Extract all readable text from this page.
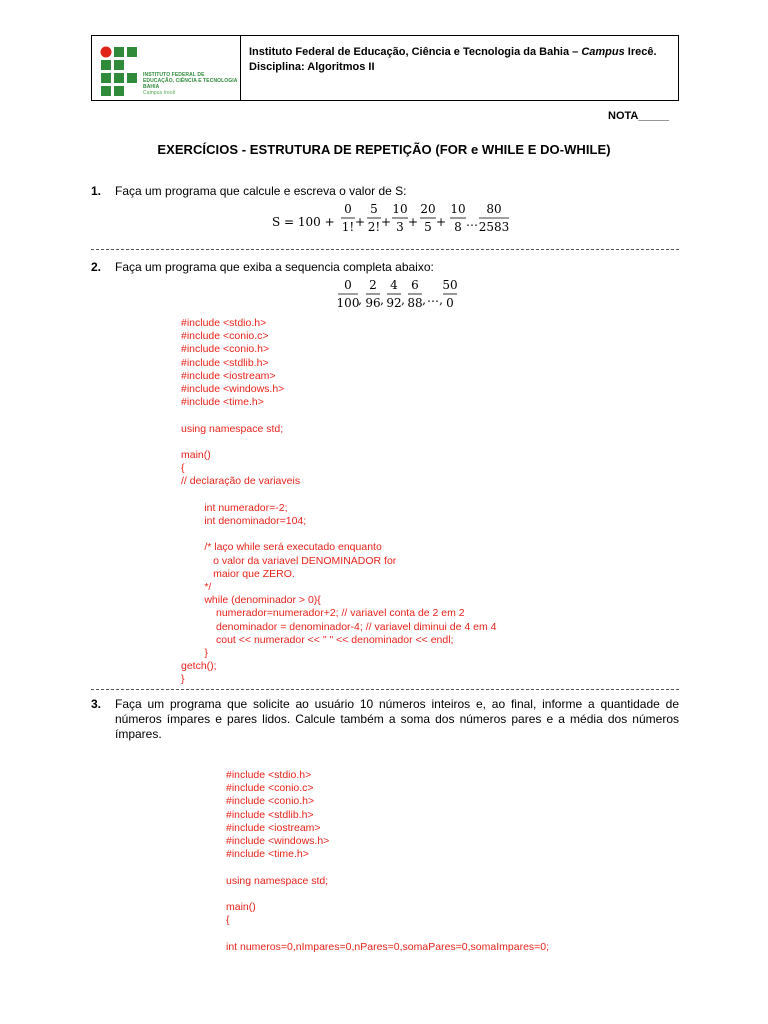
INSTITUTO FEDERAL DE
EDUCAÇÃO, CIÊNCIA E TECNOLOGIA
BAHIA
Campus Irecê
Instituto Federal de Educação, Ciência e Tecnologia da Bahia – Campus Irecê.
Disciplina: Algoritmos II
NOTA_____
EXERCÍCIOS - ESTRUTURA DE REPETIÇÃO (FOR e WHILE E DO-WHILE)
1. Faça um programa que calcule e escreva o valor de S:
S = 100 +
0
1! +
5
2! +
10
3 +
20
5 +
10
8
80
2583
…
2. Faça um programa que exiba a sequencia completa abaixo:
0
100
,
2
96 ,
4
92 ,
6
88 ,
50
0
… ,
#include <stdio.h>
#include <conio.c>
#include <conio.h>
#include <stdlib.h>
#include <iostream>
#include <windows.h>
#include <time.h>

using namespace std;

main()
{
// declaração de variaveis

int numerador=-2;
int denominador=104;

/* laço while será executado enquanto
o valor da variavel DENOMINADOR for
maior que ZERO.
*/
while (denominador > 0){
numerador=numerador+2; // variavel conta de 2 em 2
denominador = denominador-4; // variavel diminui de 4 em 4
cout << numerador << " " << denominador << endl;
}
getch();
}
3. Faça um programa que solicite ao usuário 10 números inteiros e, ao final, informe a quantidade de números ímpares e pares lidos. Calcule também a soma dos números pares e a média dos números ímpares.
#include <stdio.h>
#include <conio.c>
#include <conio.h>
#include <stdlib.h>
#include <iostream>
#include <windows.h>
#include <time.h>

using namespace std;

main()
{

int numeros=0,nImpares=0,nPares=0,somaPares=0,somaImpares=0;
